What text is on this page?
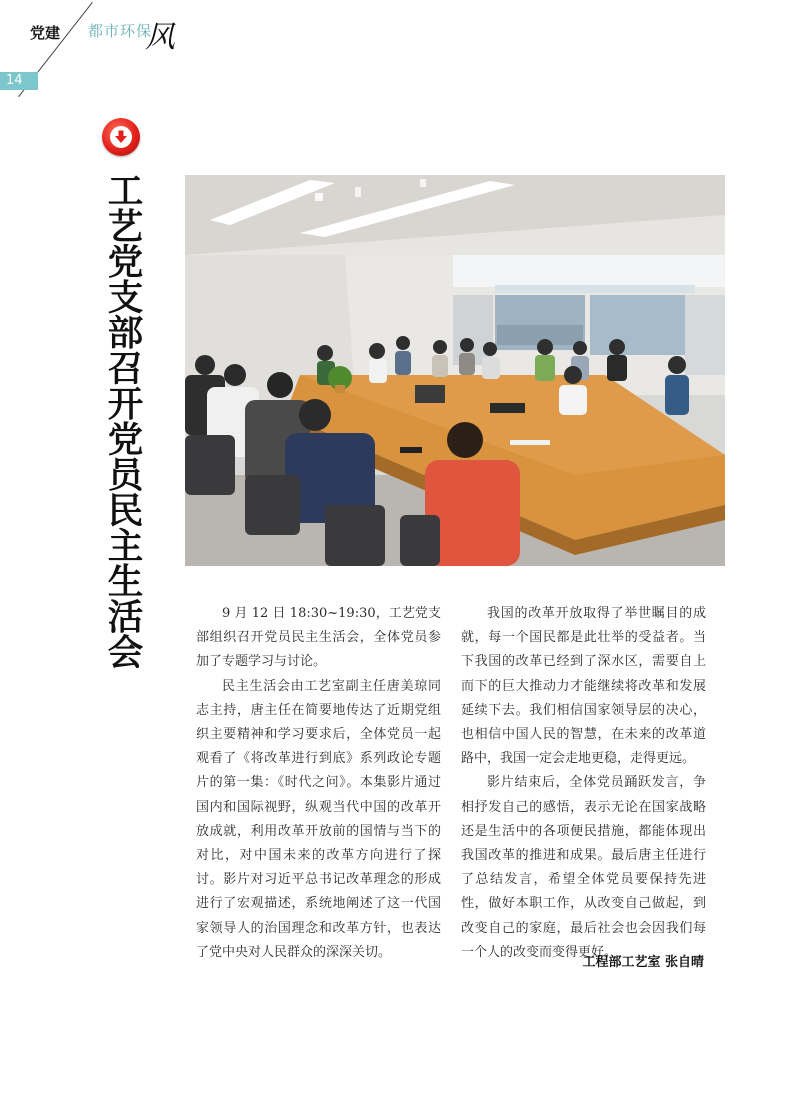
党建 都市环保
风
14
工艺党支部召开党员民主生活会	9 月 12 日 18:30~19:30，工艺党支部组织召开党员民主生活会，全体党员参加了专题学习与讨论。

民主生活会由工艺室副主任唐美琼同志主持，唐主任在简要地传达了近期党组织主要精神和学习要求后，全体党员一起观看了《将改革进行到底》系列政论专题片的第一集：《时代之问》。本集影片通过国内和国际视野，纵观当代中国的改革开放成就，利用改革开放前的国情与当下的对比，对中国未来的改革方向进行了探讨。影片对习近平总书记改革理念的形成进行了宏观描述，系统地阐述了这一代国家领导人的治国理念和改革方针，也表达了党中央对人民群众的深深关切。

我国的改革开放取得了举世瞩目的成就，每一个国民都是此壮举的受益者。当下我国的改革已经到了深水区，需要自上而下的巨大推动力才能继续将改革和发展延续下去。我们相信国家领导层的决心，也相信中国人民的智慧，在未来的改革道路中，我国一定会走地更稳，走得更远。

影片结束后，全体党员踊跃发言，争相抒发自己的感悟，表示无论在国家战略还是生活中的各项便民措施，都能体现出我国改革的推进和成果。最后唐主任进行了总结发言，希望全体党员要保持先进性，做好本职工作，从改变自己做起，到改变自己的家庭，最后社会也会因我们每一个人的改变而变得更好。

工程部工艺室 张自晴
